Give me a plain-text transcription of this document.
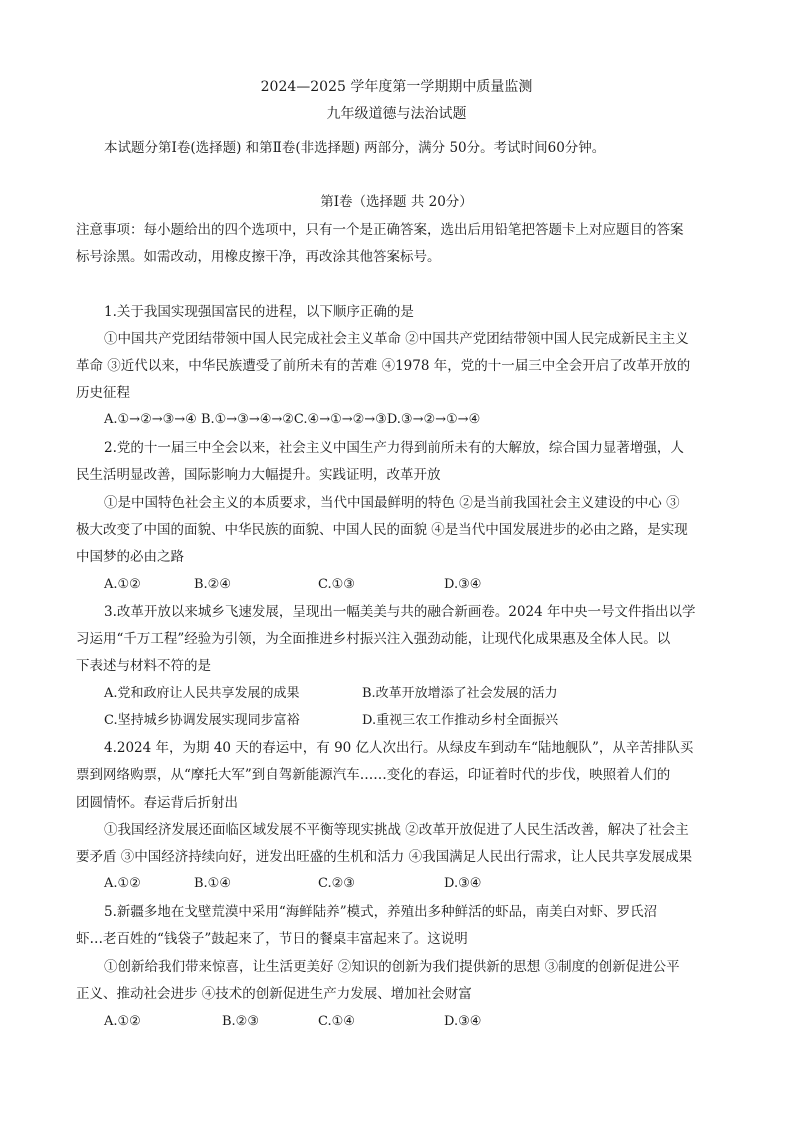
2024—2025 学年度第一学期期中质量监测
九年级道德与法治试题
本试题分第Ⅰ卷(选择题) 和第Ⅱ卷(非选择题) 两部分，满分 50分。考试时间60分钟。
第Ⅰ卷（选择题 共 20分）
注意事项：每小题给出的四个选项中，只有一个是正确答案，选出后用铅笔把答题卡上对应题目的答案
标号涂黑。如需改动，用橡皮擦干净，再改涂其他答案标号。
1.关于我国实现强国富民的进程，以下顺序正确的是
①中国共产党团结带领中国人民完成社会主义革命 ②中国共产党团结带领中国人民完成新民主主义
革命 ③近代以来，中华民族遭受了前所未有的苦难 ④1978 年，党的十一届三中全会开启了改革开放的
历史征程
A.①→②→③→④ B.①→③→④→②C.④→①→②→③D.③→②→①→④
2.党的十一届三中全会以来，社会主义中国生产力得到前所未有的大解放，综合国力显著增强，人
民生活明显改善，国际影响力大幅提升。实践证明，改革开放
①是中国特色社会主义的本质要求，当代中国最鲜明的特色 ②是当前我国社会主义建设的中心 ③
极大改变了中国的面貌、中华民族的面貌、中国人民的面貌 ④是当代中国发展进步的必由之路，是实现
中国梦的必由之路
A.①②	B.②④	C.①③	D.③④
3.改革开放以来城乡飞速发展，呈现出一幅美美与共的融合新画卷。2024 年中央一号文件指出以学
习运用“千万工程”经验为引领，为全面推进乡村振兴注入强劲动能，让现代化成果惠及全体人民。以
下表述与材料不符的是
A.党和政府让人民共享发展的成果	B.改革开放增添了社会发展的活力
C.坚持城乡协调发展实现同步富裕	D.重视三农工作推动乡村全面振兴
4.2024 年，为期 40 天的春运中，有 90 亿人次出行。从绿皮车到动车“陆地舰队”，从辛苦排队买
票到网络购票，从“摩托大军”到自驾新能源汽车……变化的春运，印证着时代的步伐，映照着人们的
团圆情怀。春运背后折射出
①我国经济发展还面临区域发展不平衡等现实挑战 ②改革开放促进了人民生活改善，解决了社会主
要矛盾 ③中国经济持续向好，迸发出旺盛的生机和活力 ④我国满足人民出行需求，让人民共享发展成果
A.①②	B.①④	C.②③	D.③④
5.新疆多地在戈壁荒漠中采用“海鲜陆养”模式，养殖出多种鲜活的虾品，南美白对虾、罗氏沼
虾…老百姓的“钱袋子”鼓起来了，节日的餐桌丰富起来了。这说明
①创新给我们带来惊喜，让生活更美好 ②知识的创新为我们提供新的思想 ③制度的创新促进公平
正义、推动社会进步 ④技术的创新促进生产力发展、增加社会财富
A.①②	B.②③	C.①④	D.③④
